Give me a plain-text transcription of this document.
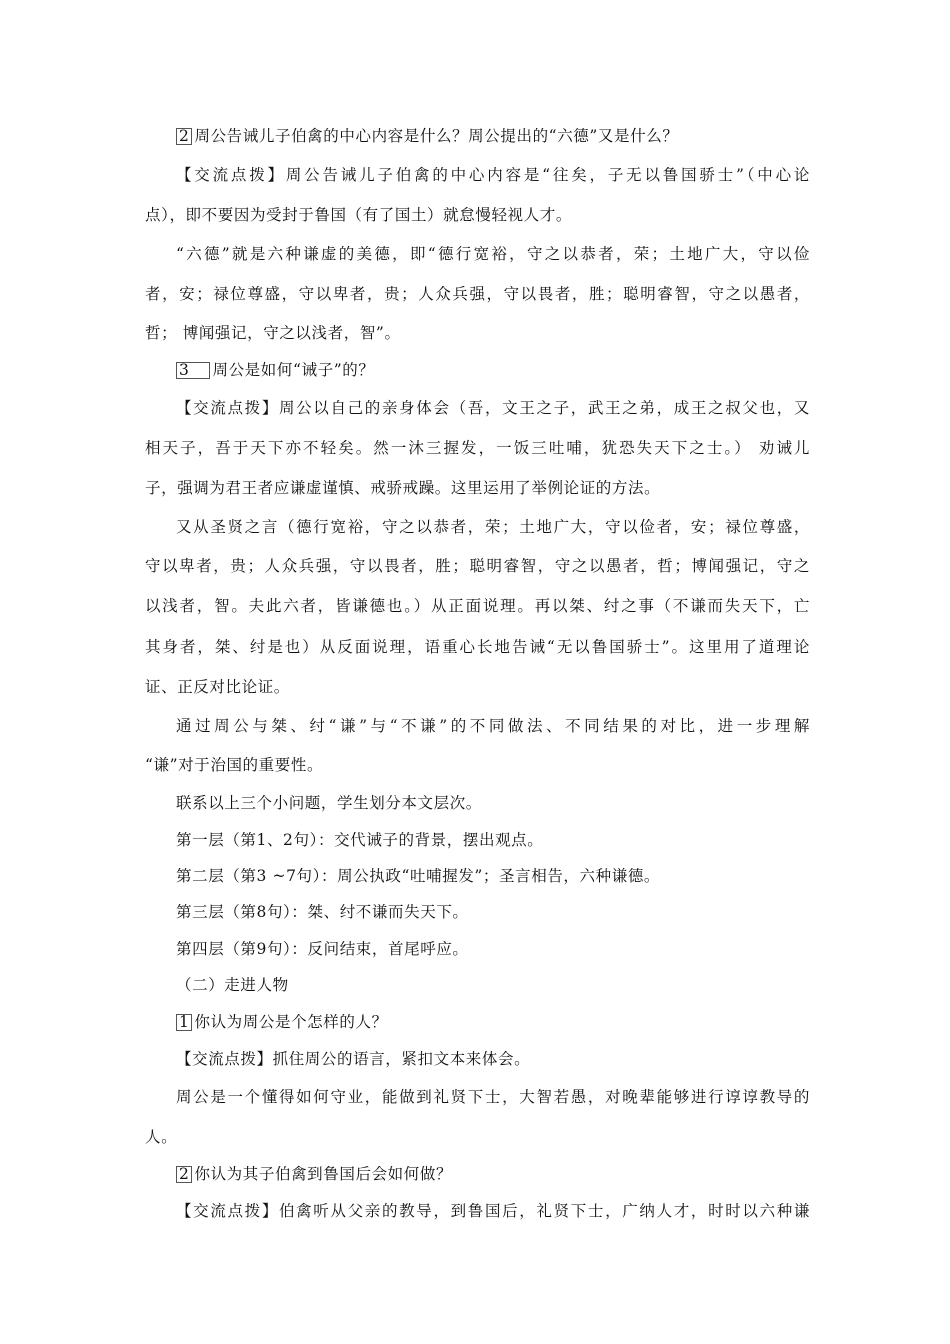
2 周公告诫儿子伯禽的中心内容是什么？周公提出的“六德”又是什么？
【交流点拨】周公告诫儿子伯禽的中心内容是“往矣，子无以鲁国骄士”（中心论
点），即不要因为受封于鲁国（有了国土）就怠慢轻视人才。
“六德”就是六种谦虚的美德，即“德行宽裕，守之以恭者，荣；土地广大，守以俭
者，安；禄位尊盛，守以卑者，贵；人众兵强，守以畏者，胜；聪明睿智，守之以愚者，
哲； 博闻强记，守之以浅者，智”。
3 周公是如何“诫子”的？
【交流点拨】周公以自己的亲身体会（吾，文王之子，武王之弟，成王之叔父也，又
相天子，吾于天下亦不轻矣。然一沐三握发，一饭三吐哺，犹恐失天下之士。） 劝诫儿
子，强调为君王者应谦虚谨慎、戒骄戒躁。这里运用了举例论证的方法。
又从圣贤之言（德行宽裕，守之以恭者，荣；土地广大，守以俭者，安；禄位尊盛，
守以卑者，贵；人众兵强，守以畏者，胜；聪明睿智，守之以愚者，哲；博闻强记，守之
以浅者，智。夫此六者，皆谦德也。）从正面说理。再以桀、纣之事（不谦而失天下，亡
其身者，桀、纣是也）从反面说理，语重心长地告诫“无以鲁国骄士”。这里用了道理论
证、正反对比论证。
通过周公与桀、纣“谦”与“不谦”的不同做法、不同结果的对比，进一步理解
“谦”对于治国的重要性。
联系以上三个小问题，学生划分本文层次。
第一层（第1、2句）：交代诫子的背景，摆出观点。
第二层（第3 ~7句）：周公执政“吐哺握发”；圣言相告，六种谦德。
第三层（第8句）：桀、纣不谦而失天下。
第四层（第9句）：反问结束，首尾呼应。
（二）走进人物
1 你认为周公是个怎样的人？
【交流点拨】抓住周公的语言，紧扣文本来体会。
周公是一个懂得如何守业，能做到礼贤下士，大智若愚，对晚辈能够进行谆谆教导的
人。
2 你认为其子伯禽到鲁国后会如何做？
【交流点拨】伯禽听从父亲的教导，到鲁国后，礼贤下士，广纳人才，时时以六种谦
